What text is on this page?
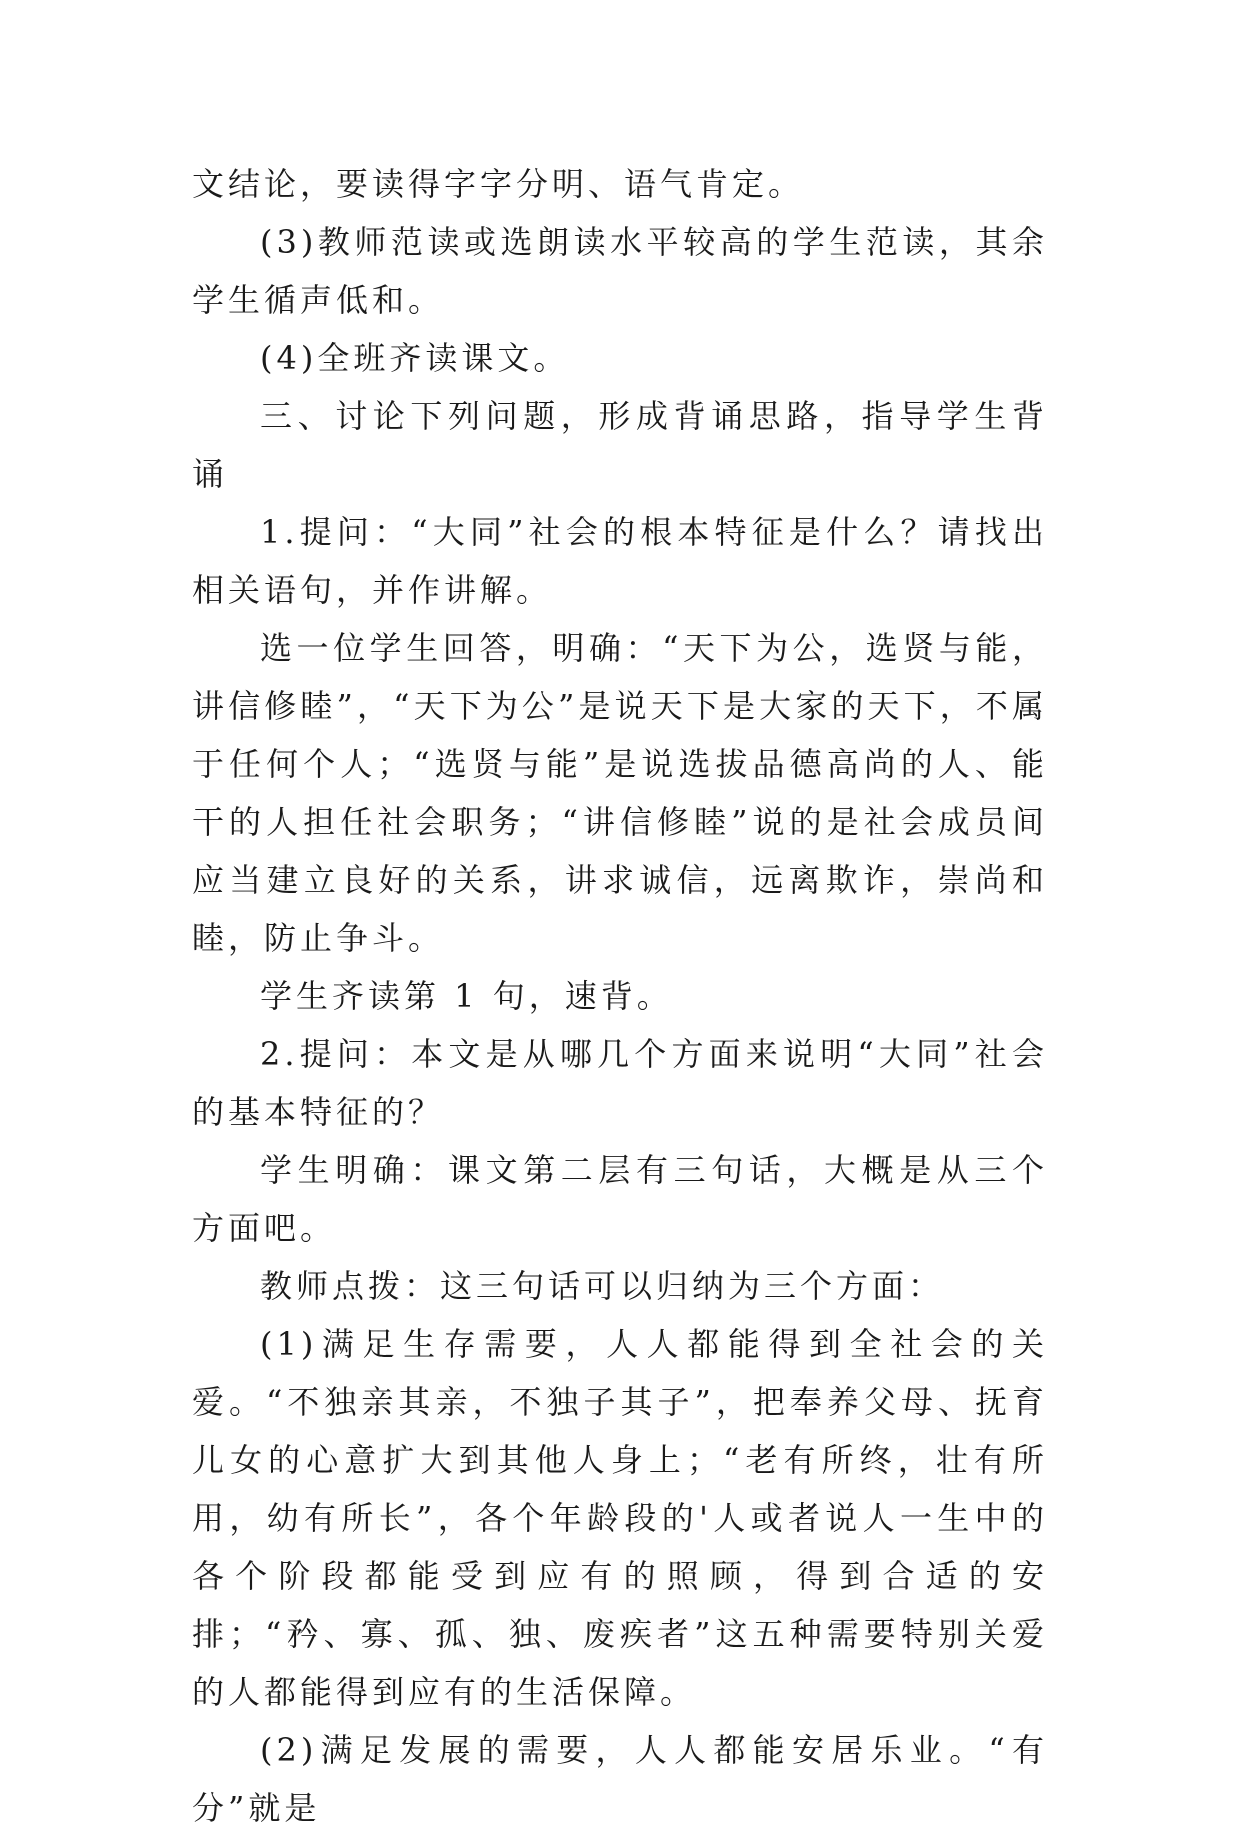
文结论，要读得字字分明、语气肯定。

(3)教师范读或选朗读水平较高的学生范读，其余学生循声低和。

(4)全班齐读课文。

三、讨论下列问题，形成背诵思路，指导学生背诵

1.提问：“大同”社会的根本特征是什么？请找出相关语句，并作讲解。

选一位学生回答，明确：“天下为公，选贤与能，讲信修睦”，“天下为公”是说天下是大家的天下，不属于任何个人；“选贤与能”是说选拔品德高尚的人、能干的人担任社会职务；“讲信修睦”说的是社会成员间应当建立良好的关系，讲求诚信，远离欺诈，崇尚和睦，防止争斗。

学生齐读第 1 句，速背。

2.提问：本文是从哪几个方面来说明“大同”社会的基本特征的？

学生明确：课文第二层有三句话，大概是从三个方面吧。

教师点拨：这三句话可以归纳为三个方面：

(1)满足生存需要，人人都能得到全社会的关爱。“不独亲其亲，不独子其子”，把奉养父母、抚育儿女的心意扩大到其他人身上；“老有所终，壮有所用，幼有所长”，各个年龄段的'人或者说人一生中的各个阶段都能受到应有的照顾，得到合适的安排；“矜、寡、孤、独、废疾者”这五种需要特别关爱的人都能得到应有的生活保障。

(2)满足发展的需要，人人都能安居乐业。“有分”就是
